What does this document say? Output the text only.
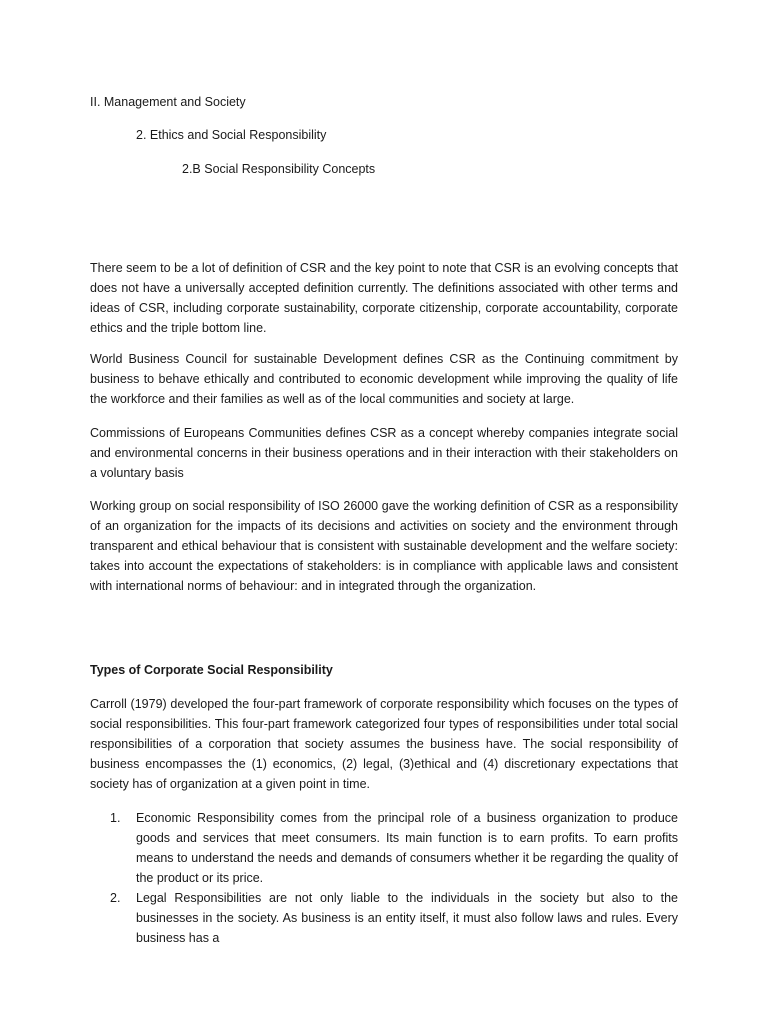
II. Management and Society
2. Ethics and Social Responsibility
2.B Social Responsibility Concepts

There seem to be a lot of definition of CSR and the key point to note that CSR is an evolving concepts that does not have a universally accepted definition currently. The definitions associated with other terms and ideas of CSR, including corporate sustainability, corporate citizenship, corporate accountability, corporate ethics and the triple bottom line.

World Business Council for sustainable Development defines CSR as the Continuing commitment by business to behave ethically and contributed to economic development while improving the quality of life the workforce and their families as well as of the local communities and society at large.

Commissions of Europeans Communities defines CSR as a concept whereby companies integrate social and environmental concerns in their business operations and in their interaction with their stakeholders on a voluntary basis

Working group on social responsibility of ISO 26000 gave the working definition of CSR as a responsibility of an organization for the impacts of its decisions and activities on society and the environment through transparent and ethical behaviour that is consistent with sustainable development and the welfare society: takes into account the expectations of stakeholders: is in compliance with applicable laws and consistent with international norms of behaviour: and in integrated through the organization.

Types of Corporate Social Responsibility

Carroll (1979) developed the four-part framework of corporate responsibility which focuses on the types of social responsibilities. This four-part framework categorized four types of responsibilities under total social responsibilities of a corporation that society assumes the business have. The social responsibility of business encompasses the (1) economics, (2) legal, (3)ethical and (4) discretionary expectations that society has of organization at a given point in time.

1. Economic Responsibility comes from the principal role of a business organization to produce goods and services that meet consumers. Its main function is to earn profits. To earn profits means to understand the needs and demands of consumers whether it be regarding the quality of the product or its price.
2. Legal Responsibilities are not only liable to the individuals in the society but also to the businesses in the society. As business is an entity itself, it must also follow laws and rules. Every business has a
